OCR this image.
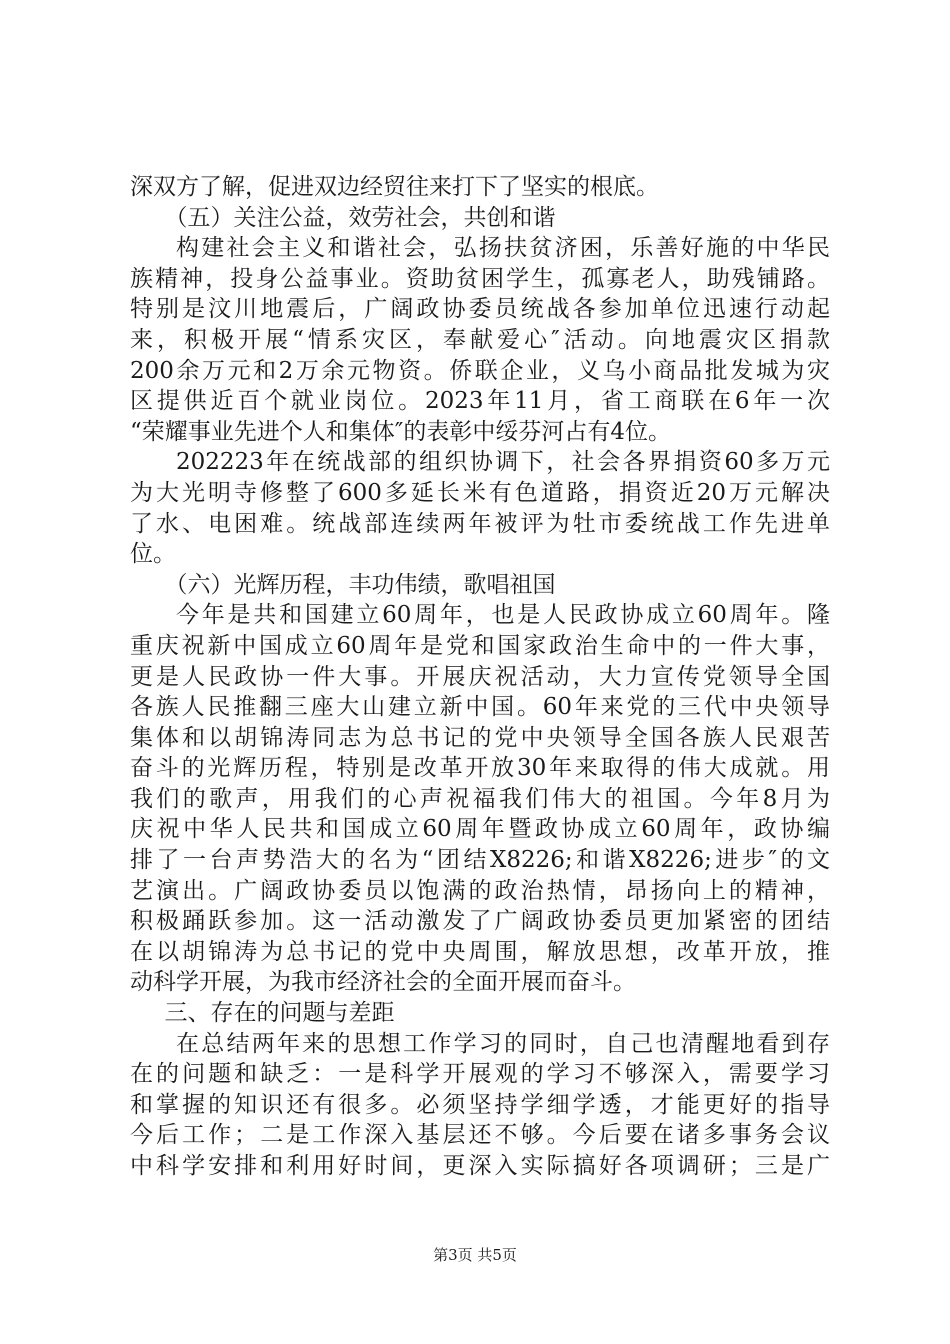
深双方了解，促进双边经贸往来打下了坚实的根底。
（五）关注公益，效劳社会，共创和谐
构建社会主义和谐社会，弘扬扶贫济困，乐善好施的中华民
族精神，投身公益事业。资助贫困学生，孤寡老人，助残铺路。
特别是汶川地震后，广阔政协委员统战各参加单位迅速行动起
来，积极开展“情系灾区，奉献爱心″活动。向地震灾区捐款
200余万元和2万余元物资。侨联企业，义乌小商品批发城为灾
区提供近百个就业岗位。2023年11月，省工商联在6年一次
“荣耀事业先进个人和集体″的表彰中绥芬河占有4位。
202223年在统战部的组织协调下，社会各界捐资60多万元
为大光明寺修整了600多延长米有色道路，捐资近20万元解决
了水、电困难。统战部连续两年被评为牡市委统战工作先进单
位。
（六）光辉历程，丰功伟绩，歌唱祖国
今年是共和国建立60周年，也是人民政协成立60周年。隆
重庆祝新中国成立60周年是党和国家政治生命中的一件大事，
更是人民政协一件大事。开展庆祝活动，大力宣传党领导全国
各族人民推翻三座大山建立新中国。60年来党的三代中央领导
集体和以胡锦涛同志为总书记的党中央领导全国各族人民艰苦
奋斗的光辉历程，特别是改革开放30年来取得的伟大成就。用
我们的歌声，用我们的心声祝福我们伟大的祖国。今年8月为
庆祝中华人民共和国成立60周年暨政协成立60周年，政协编
排了一台声势浩大的名为“团结X8226;和谐X8226;进步″的文
艺演出。广阔政协委员以饱满的政治热情，昂扬向上的精神，
积极踊跃参加。这一活动激发了广阔政协委员更加紧密的团结
在以胡锦涛为总书记的党中央周围，解放思想，改革开放，推
动科学开展，为我市经济社会的全面开展而奋斗。
三、存在的问题与差距
在总结两年来的思想工作学习的同时，自己也清醒地看到存
在的问题和缺乏：一是科学开展观的学习不够深入，需要学习
和掌握的知识还有很多。必须坚持学细学透，才能更好的指导
今后工作；二是工作深入基层还不够。今后要在诸多事务会议
中科学安排和利用好时间，更深入实际搞好各项调研；三是广
第3页 共5页
